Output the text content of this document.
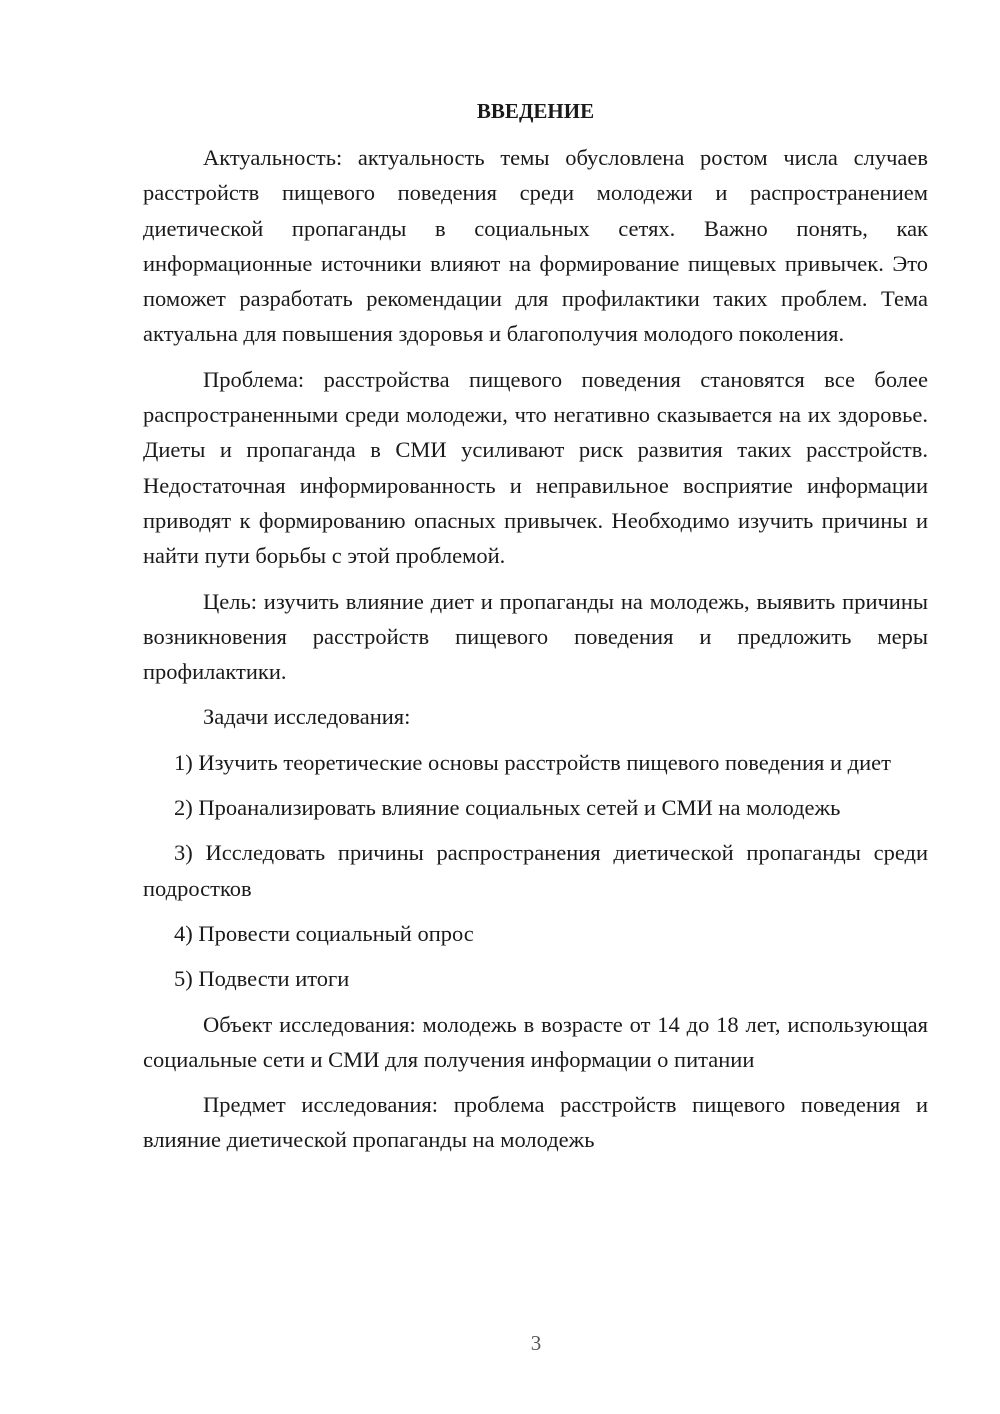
ВВЕДЕНИЕ

Актуальность: актуальность темы обусловлена ростом числа случаев расстройств пищевого поведения среди молодежи и распространением диетической пропаганды в социальных сетях. Важно понять, как информационные источники влияют на формирование пищевых привычек. Это поможет разработать рекомендации для профилактики таких проблем. Тема актуальна для повышения здоровья и благополучия молодого поколения.

Проблема: расстройства пищевого поведения становятся все более распространенными среди молодежи, что негативно сказывается на их здоровье. Диеты и пропаганда в СМИ усиливают риск развития таких расстройств. Недостаточная информированность и неправильное восприятие информации приводят к формированию опасных привычек. Необходимо изучить причины и найти пути борьбы с этой проблемой.

Цель: изучить влияние диет и пропаганды на молодежь, выявить причины возникновения расстройств пищевого поведения и предложить меры профилактики.

Задачи исследования:

1) Изучить теоретические основы расстройств пищевого поведения и диет

2) Проанализировать влияние социальных сетей и СМИ на молодежь

3) Исследовать причины распространения диетической пропаганды среди подростков

4) Провести социальный опрос

5) Подвести итоги

Объект исследования: молодежь в возрасте от 14 до 18 лет, использующая социальные сети и СМИ для получения информации о питании

Предмет исследования: проблема расстройств пищевого поведения и влияние диетической пропаганды на молодежь

3
